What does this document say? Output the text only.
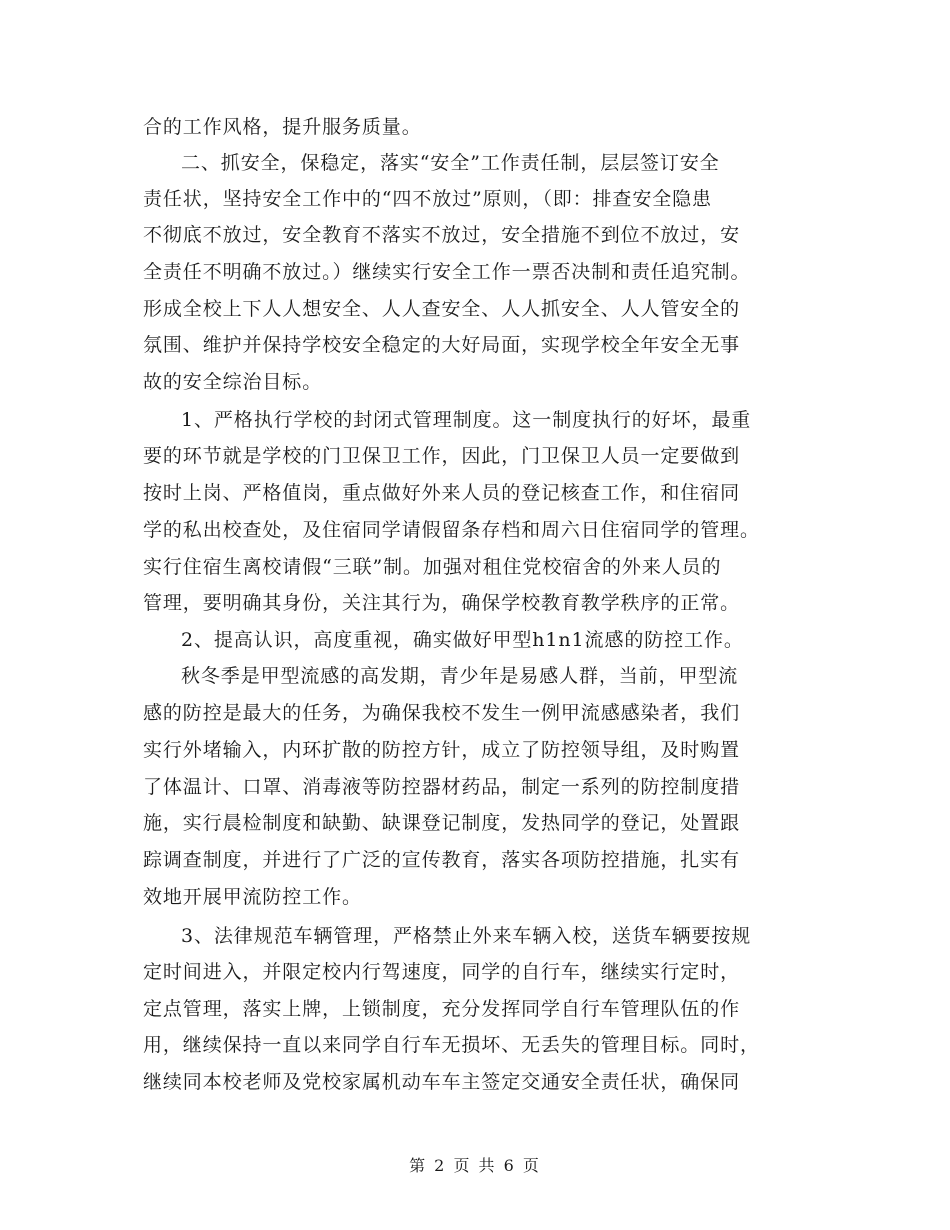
合的工作风格，提升服务质量。
二、抓安全，保稳定，落实“安全”工作责任制，层层签订安全
责任状，坚持安全工作中的“四不放过”原则，（即：排查安全隐患
不彻底不放过，安全教育不落实不放过，安全措施不到位不放过，安
全责任不明确不放过。）继续实行安全工作一票否决制和责任追究制。
形成全校上下人人想安全、人人查安全、人人抓安全、人人管安全的
氛围、维护并保持学校安全稳定的大好局面，实现学校全年安全无事
故的安全综治目标。
1、严格执行学校的封闭式管理制度。这一制度执行的好坏，最重
要的环节就是学校的门卫保卫工作，因此，门卫保卫人员一定要做到
按时上岗、严格值岗，重点做好外来人员的登记核查工作，和住宿同
学的私出校查处，及住宿同学请假留条存档和周六日住宿同学的管理。
实行住宿生离校请假“三联”制。加强对租住党校宿舍的外来人员的
管理，要明确其身份，关注其行为，确保学校教育教学秩序的正常。
2、提高认识，高度重视，确实做好甲型h1n1流感的防控工作。
秋冬季是甲型流感的高发期，青少年是易感人群，当前，甲型流
感的防控是最大的任务，为确保我校不发生一例甲流感感染者，我们
实行外堵输入，内环扩散的防控方针，成立了防控领导组，及时购置
了体温计、口罩、消毒液等防控器材药品，制定一系列的防控制度措
施，实行晨检制度和缺勤、缺课登记制度，发热同学的登记，处置跟
踪调查制度，并进行了广泛的宣传教育，落实各项防控措施，扎实有
效地开展甲流防控工作。
3、法律规范车辆管理，严格禁止外来车辆入校，送货车辆要按规
定时间进入，并限定校内行驾速度，同学的自行车，继续实行定时，
定点管理，落实上牌，上锁制度，充分发挥同学自行车管理队伍的作
用，继续保持一直以来同学自行车无损坏、无丢失的管理目标。同时，
继续同本校老师及党校家属机动车车主签定交通安全责任状，确保同
第 2 页 共 6 页
